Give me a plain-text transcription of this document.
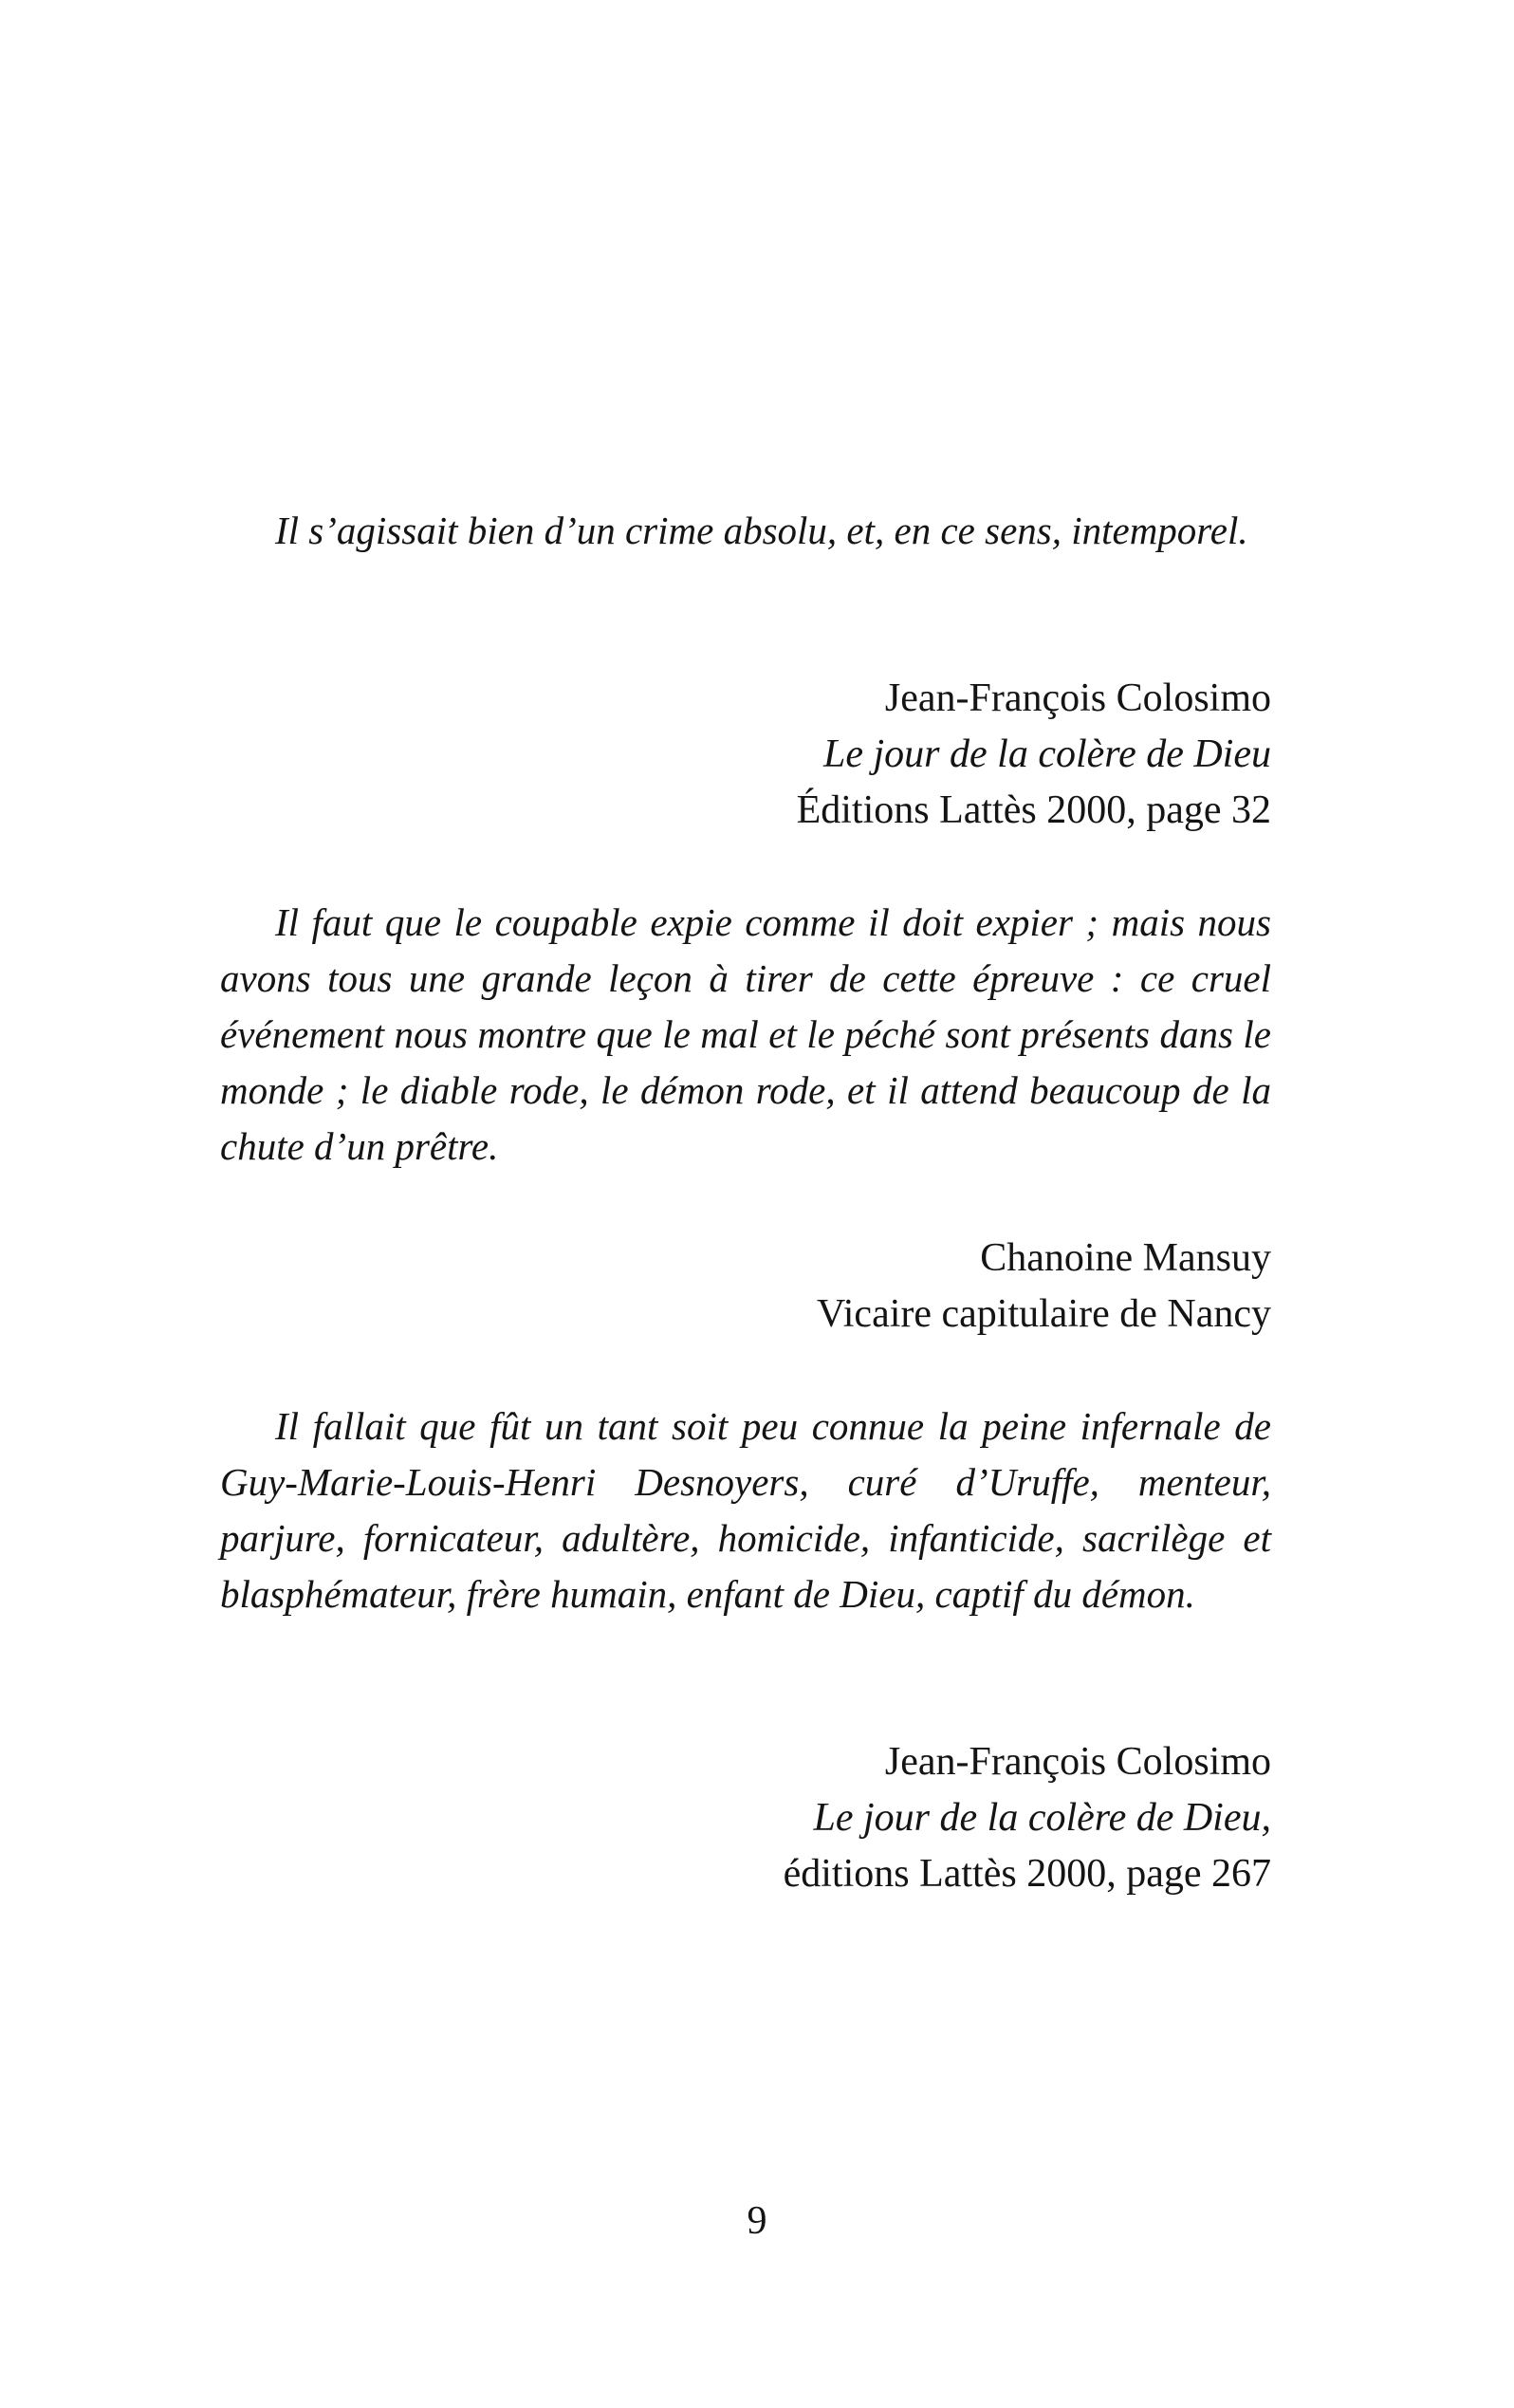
Il s’agissait bien d’un crime absolu, et, en ce sens, intemporel.

Jean-François Colosimo
Le jour de la colère de Dieu
Éditions Lattès 2000, page 32

Il faut que le coupable expie comme il doit expier ; mais nous avons tous une grande leçon à tirer de cette épreuve : ce cruel événement nous montre que le mal et le péché sont présents dans le monde ; le diable rode, le démon rode, et il attend beaucoup de la chute d’un prêtre.

Chanoine Mansuy
Vicaire capitulaire de Nancy

Il fallait que fût un tant soit peu connue la peine infernale de Guy-Marie-Louis-Henri Desnoyers, curé d’Uruffe, menteur, parjure, fornicateur, adultère, homicide, infanticide, sacrilège et blasphémateur, frère humain, enfant de Dieu, captif du démon.

Jean-François Colosimo
Le jour de la colère de Dieu,
éditions Lattès 2000, page 267
9
